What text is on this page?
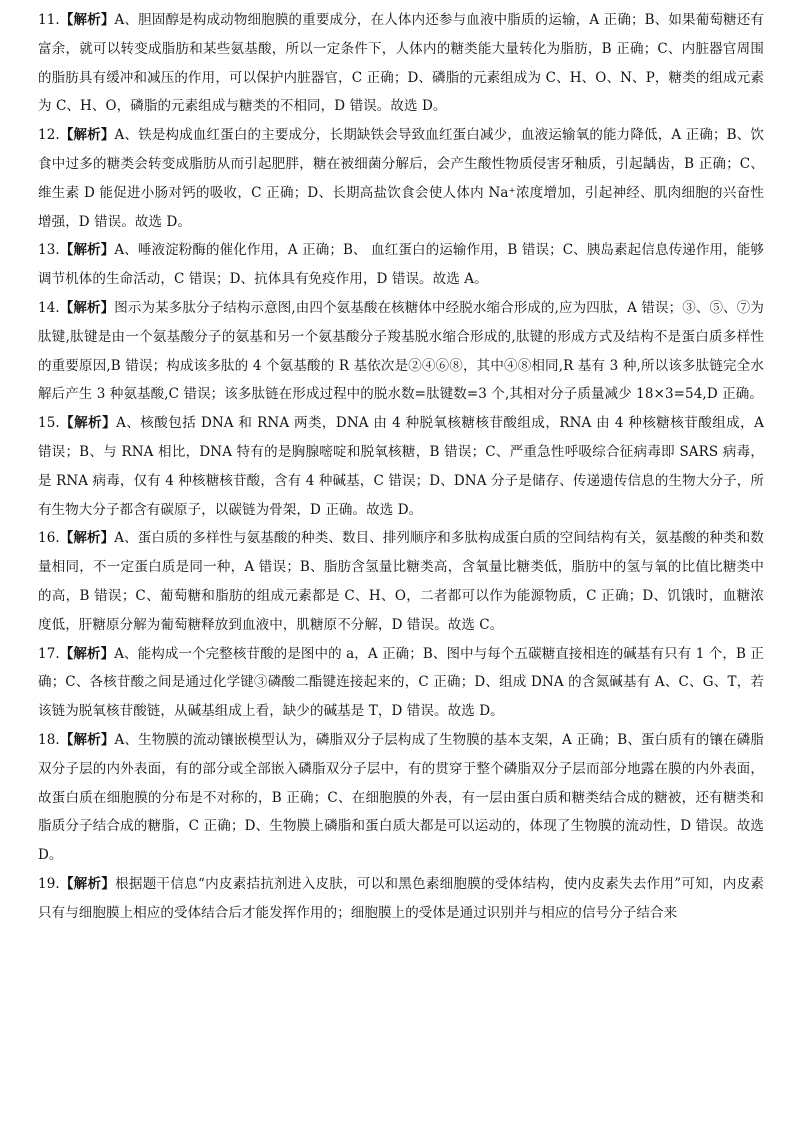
11.【解析】A、胆固醇是构成动物细胞膜的重要成分，在人体内还参与血液中脂质的运输，A 正确；B、如果葡萄糖还有富余，就可以转变成脂肪和某些氨基酸，所以一定条件下，人体内的糖类能大量转化为脂肪，B 正确；C、内脏器官周围的脂肪具有缓冲和减压的作用，可以保护内脏器官，C 正确；D、磷脂的元素组成为 C、H、O、N、P，糖类的组成元素为 C、H、O，磷脂的元素组成与糖类的不相同，D 错误。故选 D。

12.【解析】A、铁是构成血红蛋白的主要成分，长期缺铁会导致血红蛋白减少，血液运输氧的能力降低，A 正确；B、饮食中过多的糖类会转变成脂肪从而引起肥胖，糖在被细菌分解后，会产生酸性物质侵害牙釉质，引起龋齿，B 正确；C、维生素 D 能促进小肠对钙的吸收，C 正确；D、长期高盐饮食会使人体内 Na⁺浓度增加，引起神经、肌肉细胞的兴奋性增强，D 错误。故选 D。

13.【解析】A、唾液淀粉酶的催化作用，A 正确；B、 血红蛋白的运输作用，B 错误；C、胰岛素起信息传递作用，能够调节机体的生命活动，C 错误；D、抗体具有免疫作用，D 错误。故选 A。

14.【解析】图示为某多肽分子结构示意图,由四个氨基酸在核糖体中经脱水缩合形成的,应为四肽，A 错误；③、⑤、⑦为肽键,肽键是由一个氨基酸分子的氨基和另一个氨基酸分子羧基脱水缩合形成的,肽键的形成方式及结构不是蛋白质多样性的重要原因,B 错误；构成该多肽的 4 个氨基酸的 R 基依次是②④⑥⑧，其中④⑧相同,R 基有 3 种,所以该多肽链完全水解后产生 3 种氨基酸,C 错误；该多肽链在形成过程中的脱水数=肽键数=3 个,其相对分子质量减少 18×3=54,D 正确。

15.【解析】A、核酸包括 DNA 和 RNA 两类，DNA 由 4 种脱氧核糖核苷酸组成，RNA 由 4 种核糖核苷酸组成，A 错误；B、与 RNA 相比，DNA 特有的是胸腺嘧啶和脱氧核糖，B 错误；C、严重急性呼吸综合征病毒即 SARS 病毒，是 RNA 病毒，仅有 4 种核糖核苷酸，含有 4 种碱基，C 错误；D、DNA 分子是储存、传递遗传信息的生物大分子，所有生物大分子都含有碳原子，以碳链为骨架，D 正确。故选 D。

16.【解析】A、蛋白质的多样性与氨基酸的种类、数目、排列顺序和多肽构成蛋白质的空间结构有关，氨基酸的种类和数量相同，不一定蛋白质是同一种，A 错误；B、脂肪含氢量比糖类高，含氧量比糖类低，脂肪中的氢与氧的比值比糖类中的高，B 错误；C、葡萄糖和脂肪的组成元素都是 C、H、O，二者都可以作为能源物质，C 正确；D、饥饿时，血糖浓度低，肝糖原分解为葡萄糖释放到血液中，肌糖原不分解，D 错误。故选 C。

17.【解析】A、能构成一个完整核苷酸的是图中的 a，A 正确；B、图中与每个五碳糖直接相连的碱基有只有 1 个，B 正确；C、各核苷酸之间是通过化学键③磷酸二酯键连接起来的，C 正确；D、组成 DNA 的含氮碱基有 A、C、G、T，若该链为脱氧核苷酸链，从碱基组成上看，缺少的碱基是 T，D 错误。故选 D。

18.【解析】A、生物膜的流动镶嵌模型认为，磷脂双分子层构成了生物膜的基本支架，A 正确；B、蛋白质有的镶在磷脂双分子层的内外表面，有的部分或全部嵌入磷脂双分子层中，有的贯穿于整个磷脂双分子层而部分地露在膜的内外表面，故蛋白质在细胞膜的分布是不对称的，B 正确；C、在细胞膜的外表，有一层由蛋白质和糖类结合成的糖被，还有糖类和脂质分子结合成的糖脂，C 正确；D、生物膜上磷脂和蛋白质大都是可以运动的，体现了生物膜的流动性，D 错误。故选 D。

19.【解析】根据题干信息“内皮素拮抗剂进入皮肤，可以和黑色素细胞膜的受体结构，使内皮素失去作用”可知，内皮素只有与细胞膜上相应的受体结合后才能发挥作用的；细胞膜上的受体是通过识别并与相应的信号分子结合来
